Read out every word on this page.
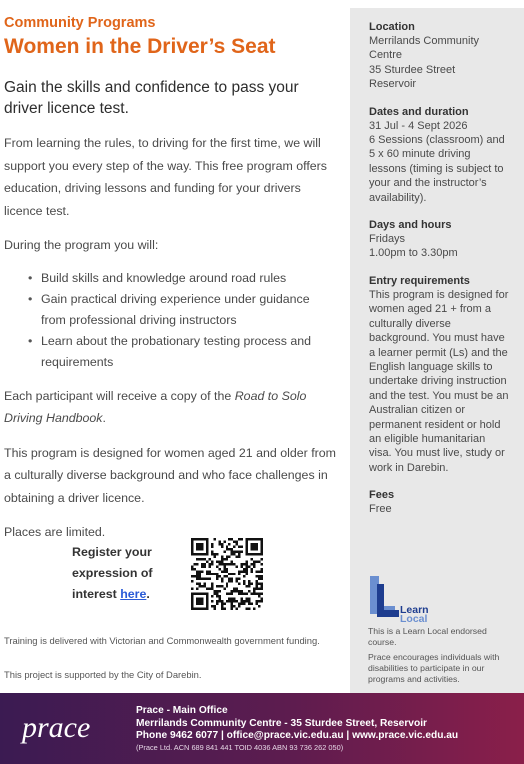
Community Programs
Women in the Driver’s Seat
Gain the skills and confidence to pass your driver licence test.

From learning the rules, to driving for the first time, we will support you every step of the way. This free program offers education, driving lessons and funding for your drivers licence test.

During the program you will:

• Build skills and knowledge around road rules
• Gain practical driving experience under guidance from professional driving instructors
• Learn about the probationary testing process and requirements

Each participant will receive a copy of the Road to Solo Driving Handbook.

This program is designed for women aged 21 and older from a culturally diverse background and who face challenges in obtaining a driver licence.

Places are limited.

Register your expression of interest here.
Training is delivered with Victorian and Commonwealth government funding.
This project is supported by the City of Darebin.
Location
Merrilands Community Centre
35 Sturdee Street
Reservoir
Dates and duration
31 Jul - 4 Sept 2026
6 Sessions (classroom) and 5 x 60 minute driving lessons (timing is subject to your and the instructor’s availability).
Days and hours
Fridays
1.00pm to 3.30pm
Entry requirements
This program is designed for women aged 21 + from a culturally diverse background. You must have a learner permit (Ls) and the English language skills to undertake driving instruction and the test. You must be an Australian citizen or permanent resident or hold an eligible humanitarian visa. You must live, study or work in Darebin.
Fees
Free
Learn
Local
This is a Learn Local endorsed course.
Prace encourages individuals with disabilities to participate in our programs and activities.
prace
Prace - Main Office
Merrilands Community Centre - 35 Sturdee Street, Reservoir
Phone 9462 6077 | office@prace.vic.edu.au | www.prace.vic.edu.au
(Prace Ltd. ACN 689 841 441 TOID 4036 ABN 93 736 262 050)
